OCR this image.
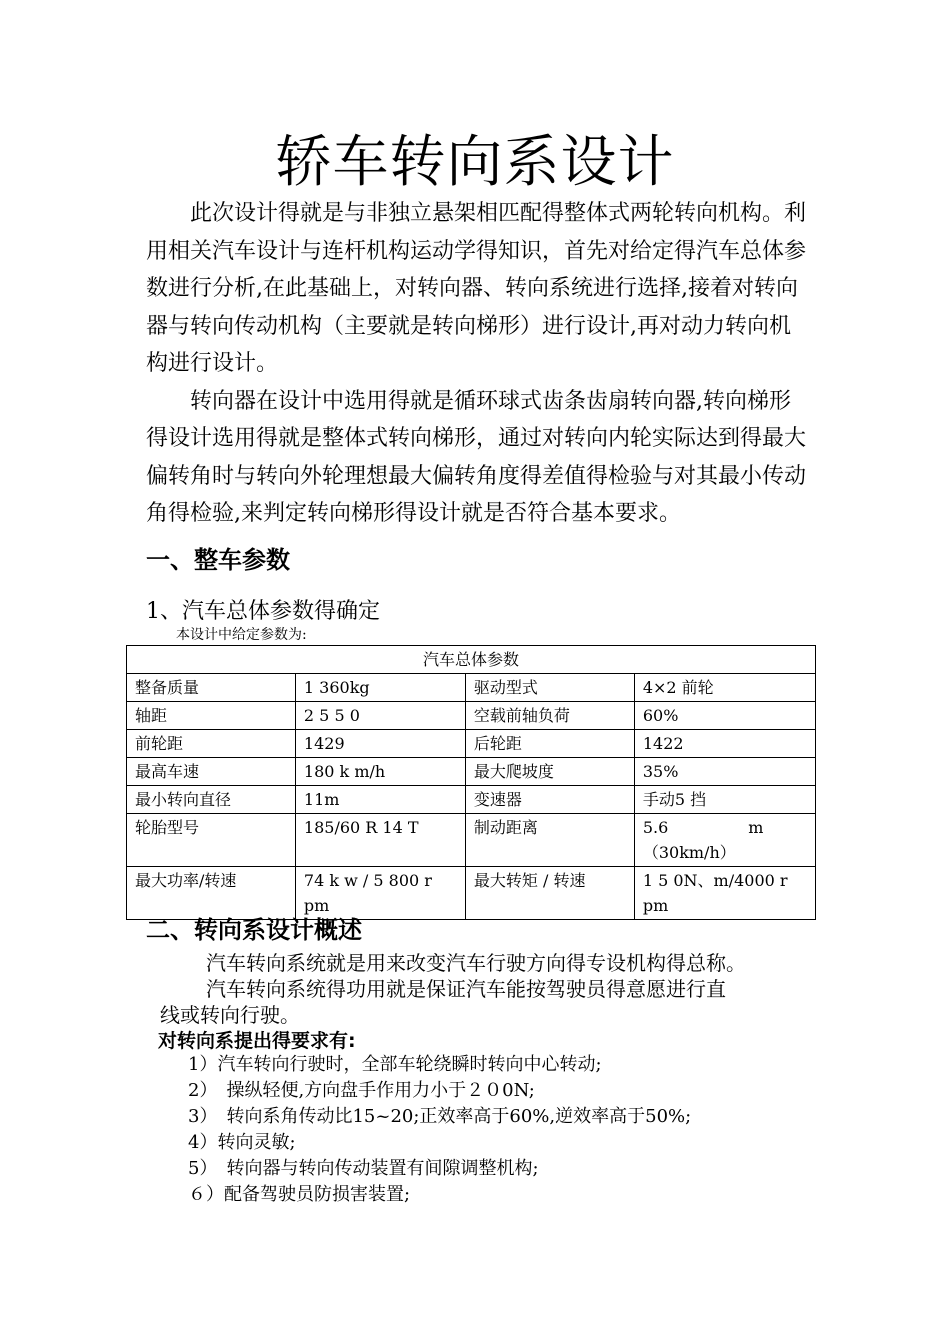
轿车转向系设计

　　此次设计得就是与非独立悬架相匹配得整体式两轮转向机构。利用相关汽车设计与连杆机构运动学得知识，首先对给定得汽车总体参数进行分析,在此基础上，对转向器、转向系统进行选择,接着对转向器与转向传动机构（主要就是转向梯形）进行设计,再对动力转向机构进行设计。

　　转向器在设计中选用得就是循环球式齿条齿扇转向器,转向梯形得设计选用得就是整体式转向梯形，通过对转向内轮实际达到得最大偏转角时与转向外轮理想最大偏转角度得差值得检验与对其最小传动角得检验,来判定转向梯形得设计就是否符合基本要求。

一、整车参数
1、汽车总体参数得确定
本设计中给定参数为:
汽车总体参数			
整备质量	1 360kg	驱动型式	4×2 前轮
轴距	2 5 5 0	空载前轴负荷	60%
前轮距	1429	后轮距	1422
最高车速	180 k m/h	最大爬坡度	35%
最小转向直径	11m	变速器	手动5 挡
轮胎型号	185/60 R 14 T	制动距离	5.6　　　　　m（30km/h）
最大功率/转速	74 k w / 5 800 r pm	最大转矩 / 转速	1 5 0N、m/4000 r pm
二、转向系设计概述
汽车转向系统就是用来改变汽车行驶方向得专设机构得总称。
汽车转向系统得功用就是保证汽车能按驾驶员得意愿进行直
线或转向行驶。
对转向系提出得要求有:
1）汽车转向行驶时，全部车轮绕瞬时转向中心转动;
2）　操纵轻便,方向盘手作用力小于２０0N;
3）　转向系角传动比15~20;正效率高于60%,逆效率高于50%;
4）转向灵敏;
5）　转向器与转向传动装置有间隙调整机构;
６）配备驾驶员防损害装置;
